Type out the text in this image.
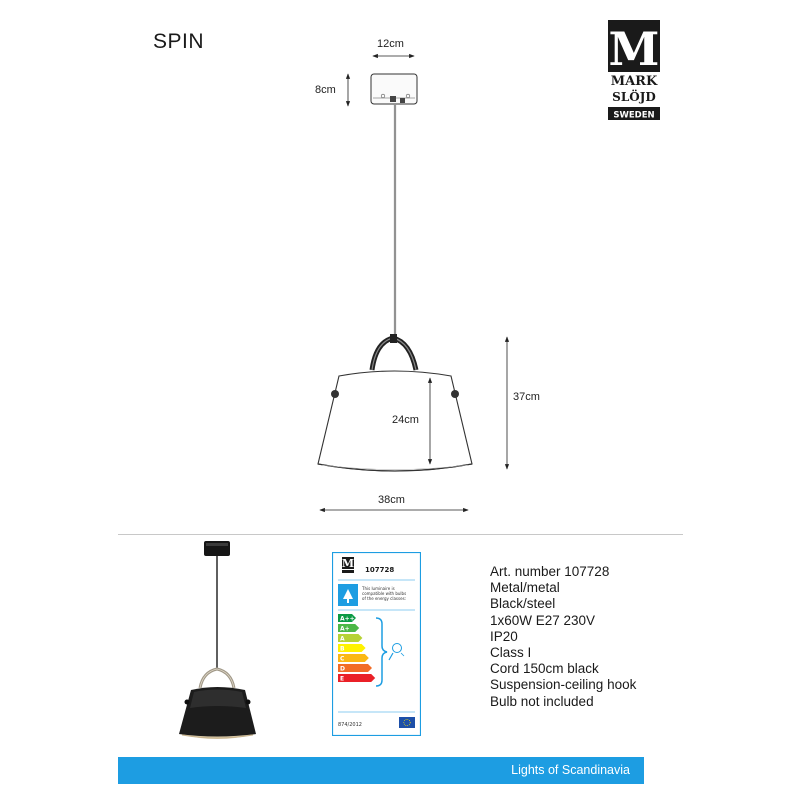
SPIN	M
MARK
SLÖJD
SWEDEN
12cm
8cm
37cm
24cm
38cm
M 107728
This luminaire is
compatible with bulbs
of the energy classes:
A++
A+
A
B
C
D
E
874/2012
Art. number 107728
Metal/metal
Black/steel
1x60W E27 230V
IP20
Class I
Cord 150cm black
Suspension-ceiling hook
Bulb not included
Lights of Scandinavia
